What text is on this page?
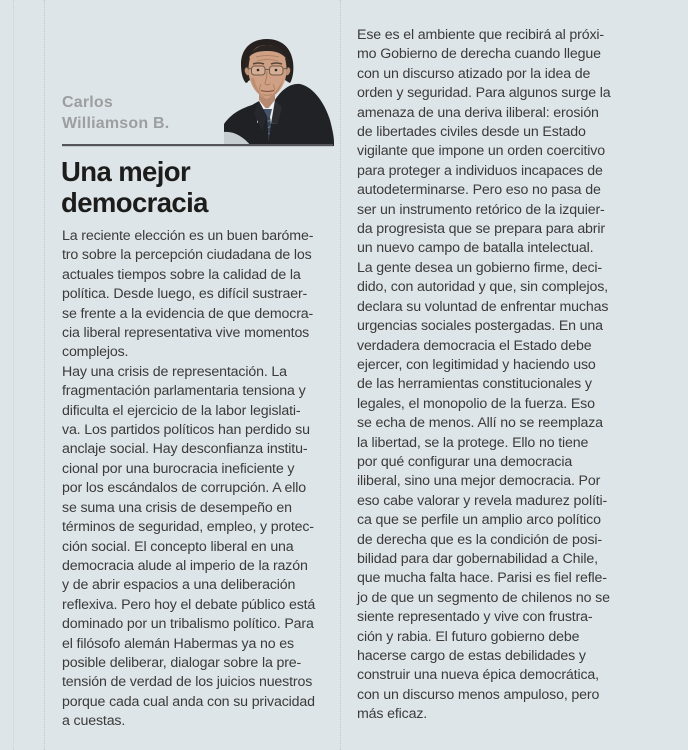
Carlos
Williamson B.
Una mejor
democracia
La reciente elección es un buen baróme-
tro sobre la percepción ciudadana de los
actuales tiempos sobre la calidad de la
política. Desde luego, es difícil sustraer-
se frente a la evidencia de que democra-
cia liberal representativa vive momentos
complejos.
Hay una crisis de representación. La
fragmentación parlamentaria tensiona y
dificulta el ejercicio de la labor legislati-
va. Los partidos políticos han perdido su
anclaje social. Hay desconfianza institu-
cional por una burocracia ineficiente y
por los escándalos de corrupción. A ello
se suma una crisis de desempeño en
términos de seguridad, empleo, y protec-
ción social. El concepto liberal en una
democracia alude al imperio de la razón
y de abrir espacios a una deliberación
reflexiva. Pero hoy el debate público está
dominado por un tribalismo político. Para
el filósofo alemán Habermas ya no es
posible deliberar, dialogar sobre la pre-
tensión de verdad de los juicios nuestros
porque cada cual anda con su privacidad
a cuestas.
Ese es el ambiente que recibirá al próxi-
mo Gobierno de derecha cuando llegue
con un discurso atizado por la idea de
orden y seguridad. Para algunos surge la
amenaza de una deriva iliberal: erosión
de libertades civiles desde un Estado
vigilante que impone un orden coercitivo
para proteger a individuos incapaces de
autodeterminarse. Pero eso no pasa de
ser un instrumento retórico de la izquier-
da progresista que se prepara para abrir
un nuevo campo de batalla intelectual.
La gente desea un gobierno firme, deci-
dido, con autoridad y que, sin complejos,
declara su voluntad de enfrentar muchas
urgencias sociales postergadas. En una
verdadera democracia el Estado debe
ejercer, con legitimidad y haciendo uso
de las herramientas constitucionales y
legales, el monopolio de la fuerza. Eso
se echa de menos. Allí no se reemplaza
la libertad, se la protege. Ello no tiene
por qué configurar una democracia
iliberal, sino una mejor democracia. Por
eso cabe valorar y revela madurez políti-
ca que se perfile un amplio arco político
de derecha que es la condición de posi-
bilidad para dar gobernabilidad a Chile,
que mucha falta hace. Parisi es fiel refle-
jo de que un segmento de chilenos no se
siente representado y vive con frustra-
ción y rabia. El futuro gobierno debe
hacerse cargo de estas debilidades y
construir una nueva épica democrática,
con un discurso menos ampuloso, pero
más eficaz.
